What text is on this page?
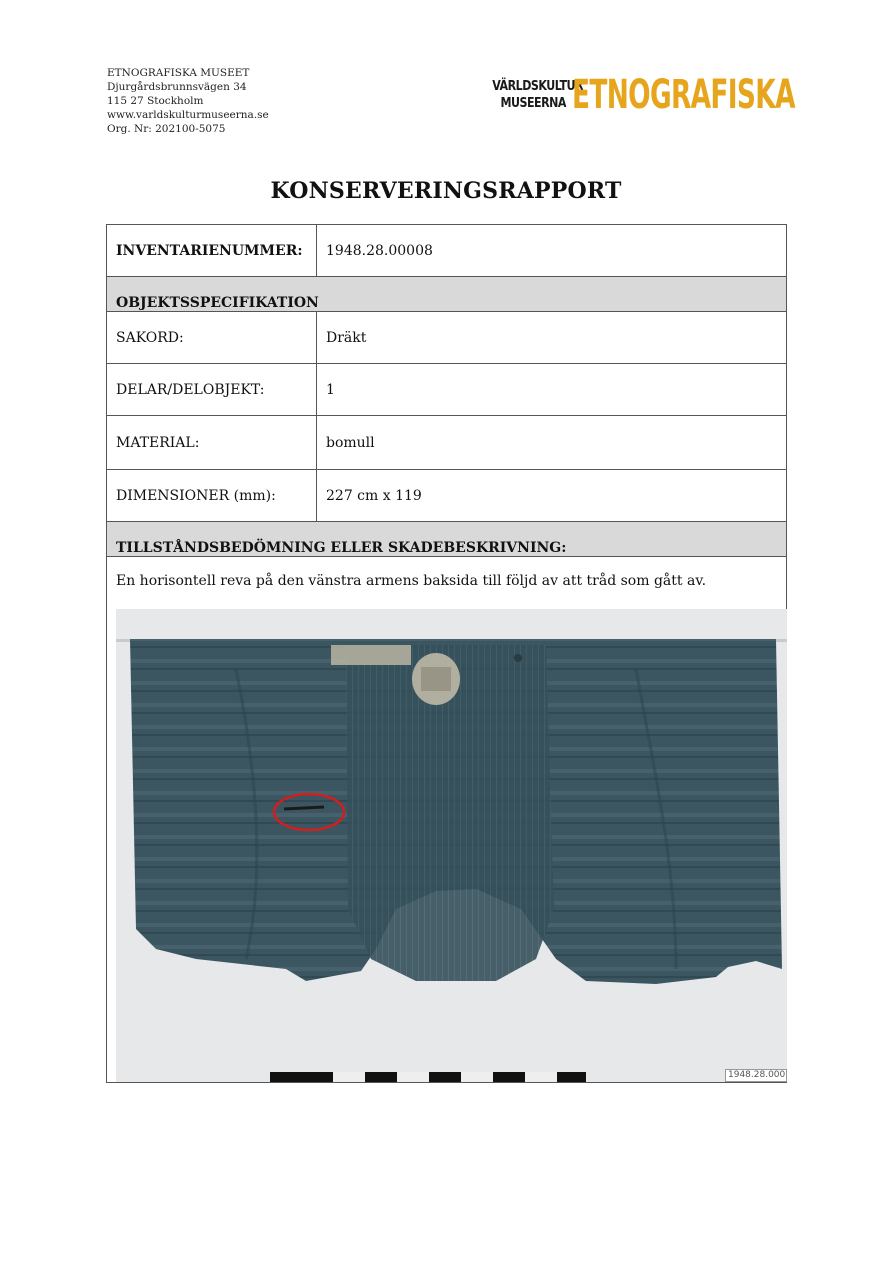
ETNOGRAFISKA MUSEET
Djurgårdsbrunnsvägen 34
115 27 Stockholm
www.varldskulturmuseerna.se
Org. Nr: 202100-5075
VÄRLDSKULTUR
MUSEERNA ETNOGRAFISKA
KONSERVERINGSRAPPORT
INVENTARIENUMMER:	1948.28.00008
OBJEKTSSPECIFIKATION
SAKORD:	Dräkt
DELAR/DELOBJEKT:	1
MATERIAL:	bomull
DIMENSIONER (mm):	227 cm x 119
TILLSTÅNDSBEDÖMNING ELLER SKADEBESKRIVNING:
En horisontell reva på den vänstra armens baksida till följd av att tråd som gått av.
1948.28.000
